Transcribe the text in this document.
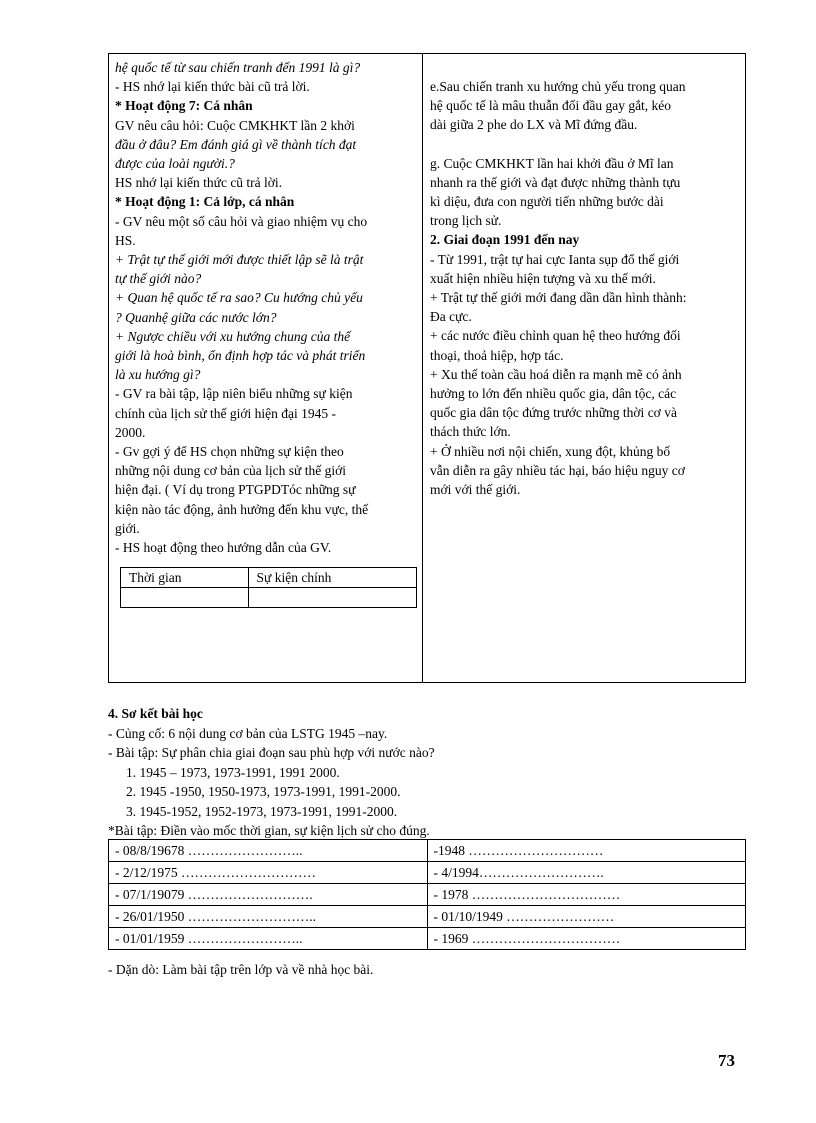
hệ quốc tế từ sau chiến tranh đến 1991 là gì?
- HS nhớ lại kiến thức bài cũ trả lời.
* Hoạt động 7: Cá nhân
GV nêu câu hỏi: Cuộc CMKHKT lần 2 khởi
đầu ở đâu? Em đánh giá gì về thành tích đạt
được của loài người.?
HS nhớ lại kiến thức cũ trả lời.
* Hoạt động 1: Cả lớp, cá nhân
- GV nêu một số câu hỏi và giao nhiệm vụ cho
HS.
+ Trật tự thế giới mới được thiết lập sẽ là trật
tự thế giới nào?
+ Quan hệ quốc tế ra sao? Cu hướng chủ yếu
? Quanhệ giữa các nước lớn?
+ Ngược chiều với xu hướng chung của thế
giới là hoà bình, ổn định hợp tác và phát triển
là xu hướng gì?
- GV ra bài tập, lập niên biểu những sự kiện
chính của lịch sử thế giới hiện đại 1945 -
2000.
- Gv gợi ý để HS chọn những sự kiện theo
những nội dung cơ bản của lịch sử thế giới
hiện đại. ( Ví dụ trong PTGPDTóc những sự
kiện nào tác động, ảnh hưởng đến khu vực, thế
giới.
- HS hoạt động theo hướng dẫn của GV.
Thời gian	Sự kiện chính

e.Sau chiến tranh xu hướng chủ yếu trong quan
hệ quốc tế là mâu thuẫn đối đầu gay gắt, kéo
dài giữa 2 phe do LX và Mĩ đứng đầu.
g. Cuộc CMKHKT lần hai khởi đầu ở Mĩ lan
nhanh ra thế giới và đạt được những thành tựu
kì diệu, đưa con người tiến những bước dài
trong lịch sử.
2. Giai đoạn 1991 đến nay
- Từ 1991, trật tự hai cực Ianta sụp đổ thế giới
xuất hiện nhiều hiện tượng và xu thế mới.
+ Trật tự thế giới mới đang dần dần hình thành:
Đa cực.
+ các nước điều chỉnh quan hệ theo hướng đối
thoại, thoả hiệp, hợp tác.
+ Xu thế toàn cầu hoá diễn ra mạnh mẽ có ảnh
hưởng to lớn đến nhiều quốc gia, dân tộc, các
quốc gia dân tộc đứng trước những thời cơ và
thách thức lớn.
+ Ở nhiều nơi nội chiến, xung đột, khủng bố
vẫn diễn ra gây nhiều tác hại, báo hiệu nguy cơ
mới với thế giới.
4. Sơ kết bài học
- Củng cố: 6 nội dung cơ bản của LSTG 1945 –nay.
- Bài tập: Sự phân chia giai đoạn sau phù hợp với nước nào?
1. 1945 – 1973, 1973-1991, 1991 2000.
2. 1945 -1950, 1950-1973, 1973-1991, 1991-2000.
3. 1945-1952, 1952-1973, 1973-1991, 1991-2000.
*Bài tập: Điền vào mốc thời gian, sự kiện lịch sử cho đúng.
- 08/8/19678 ……………………..	-1948 …………………………
- 2/12/1975 …………………………	- 4/1994……………………….
- 07/1/19079 ……………………….	- 1978 ……………………………
- 26/01/1950 ………………………..	- 01/10/1949 ……………………
- 01/01/1959 ……………………..	- 1969 ……………………………
- Dặn dò: Làm bài tập trên lớp và về nhà học bài.
73
